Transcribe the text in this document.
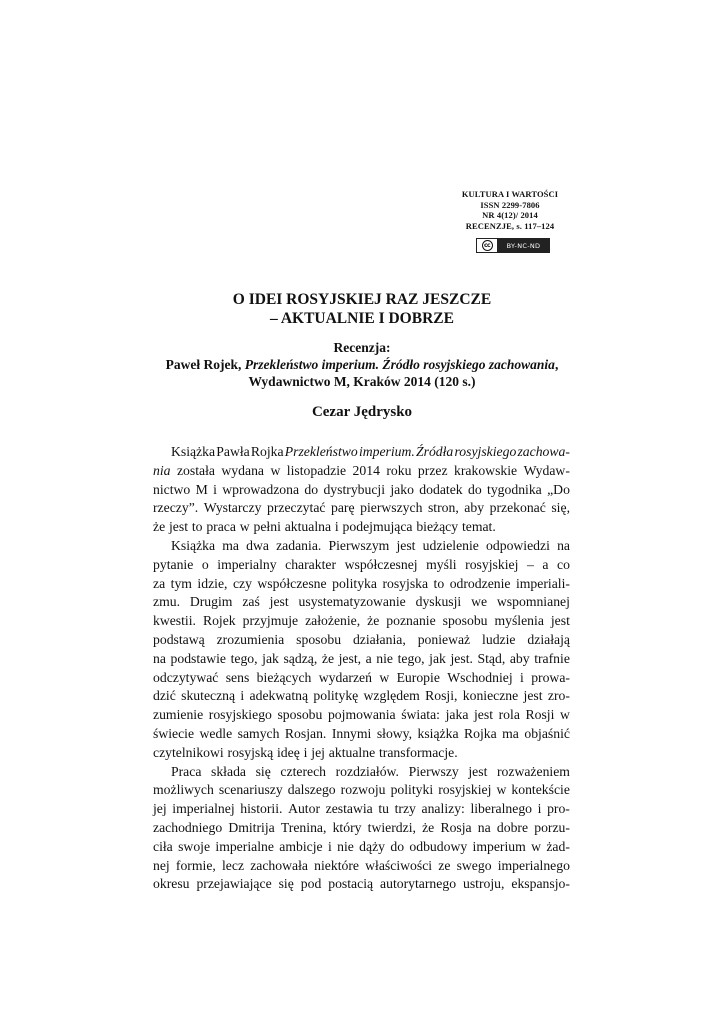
KULTURA I WARTOŚCI
ISSN 2299-7806
NR 4(12)/ 2014
RECENZJE, s. 117–124
cc	BY-NC-ND
O IDEI ROSYJSKIEJ RAZ JESZCZE
– AKTUALNIE I DOBRZE
Recenzja:
Paweł Rojek, Przekleństwo imperium. Źródło rosyjskiego zachowania,
Wydawnictwo M, Kraków 2014 (120 s.)
Cezar Jędrysko
Książka Pawła Rojka Przekleństwo imperium. Źródła rosyjskiego zachowa-
nia została wydana w listopadzie 2014 roku przez krakowskie Wydaw-
nictwo M i wprowadzona do dystrybucji jako dodatek do tygodnika „Do
rzeczy”. Wystarczy przeczytać parę pierwszych stron, aby przekonać się,
że jest to praca w pełni aktualna i podejmująca bieżący temat.
Książka ma dwa zadania. Pierwszym jest udzielenie odpowiedzi na
pytanie o imperialny charakter współczesnej myśli rosyjskiej – a co
za tym idzie, czy współczesne polityka rosyjska to odrodzenie imperiali-
zmu. Drugim zaś jest usystematyzowanie dyskusji we wspomnianej
kwestii. Rojek przyjmuje założenie, że poznanie sposobu myślenia jest
podstawą zrozumienia sposobu działania, ponieważ ludzie działają
na podstawie tego, jak sądzą, że jest, a nie tego, jak jest. Stąd, aby trafnie
odczytywać sens bieżących wydarzeń w Europie Wschodniej i prowa-
dzić skuteczną i adekwatną politykę względem Rosji, konieczne jest zro-
zumienie rosyjskiego sposobu pojmowania świata: jaka jest rola Rosji w
świecie wedle samych Rosjan. Innymi słowy, książka Rojka ma objaśnić
czytelnikowi rosyjską ideę i jej aktualne transformacje.
Praca składa się czterech rozdziałów. Pierwszy jest rozważeniem
możliwych scenariuszy dalszego rozwoju polityki rosyjskiej w kontekście
jej imperialnej historii. Autor zestawia tu trzy analizy: liberalnego i pro-
zachodniego Dmitrija Trenina, który twierdzi, że Rosja na dobre porzu-
ciła swoje imperialne ambicje i nie dąży do odbudowy imperium w żad-
nej formie, lecz zachowała niektóre właściwości ze swego imperialnego
okresu przejawiające się pod postacią autorytarnego ustroju, ekspansjo-
